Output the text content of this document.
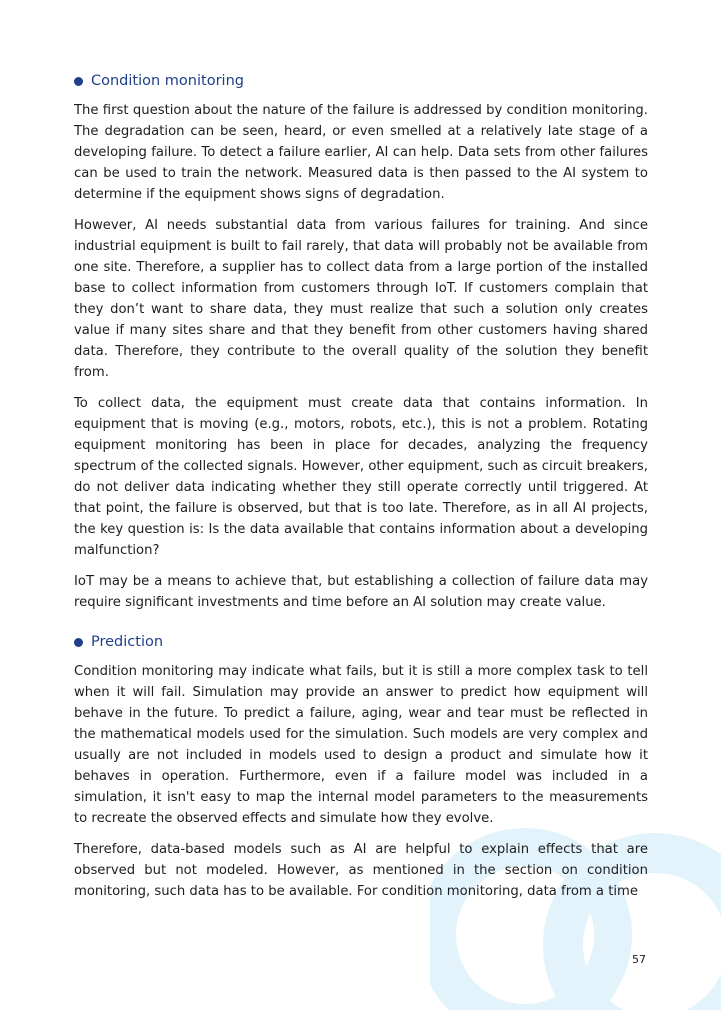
Condition monitoring

The first question about the nature of the failure is addressed by condition monitoring. The degradation can be seen, heard, or even smelled at a relatively late stage of a developing failure. To detect a failure earlier, AI can help. Data sets from other failures can be used to train the network. Measured data is then passed to the AI system to determine if the equipment shows signs of degradation.

However, AI needs substantial data from various failures for training. And since industrial equipment is built to fail rarely, that data will probably not be available from one site. Therefore, a supplier has to collect data from a large portion of the installed base to collect information from customers through IoT. If customers complain that they don’t want to share data, they must realize that such a solution only creates value if many sites share and that they benefit from other customers having shared data. Therefore, they contribute to the overall quality of the solution they benefit from.

To collect data, the equipment must create data that contains information. In equipment that is moving (e.g., motors, robots, etc.), this is not a problem. Rotating equipment monitoring has been in place for decades, analyzing the frequency spectrum of the collected signals. However, other equipment, such as circuit breakers, do not deliver data indicating whether they still operate correctly until triggered. At that point, the failure is observed, but that is too late. Therefore, as in all AI projects, the key question is: Is the data available that contains information about a developing malfunction?

IoT may be a means to achieve that, but establishing a collection of failure data may require significant investments and time before an AI solution may create value.

Prediction

Condition monitoring may indicate what fails, but it is still a more complex task to tell when it will fail. Simulation may provide an answer to predict how equipment will behave in the future. To predict a failure, aging, wear and tear must be reflected in the mathematical models used for the simulation. Such models are very complex and usually are not included in models used to design a product and simulate how it behaves in operation. Furthermore, even if a failure model was included in a simulation, it isn't easy to map the internal model parameters to the measurements to recreate the observed effects and simulate how they evolve.

Therefore, data-based models such as AI are helpful to explain effects that are observed but not modeled. However, as mentioned in the section on condition monitoring, such data has to be available. For condition monitoring, data from a time

57
